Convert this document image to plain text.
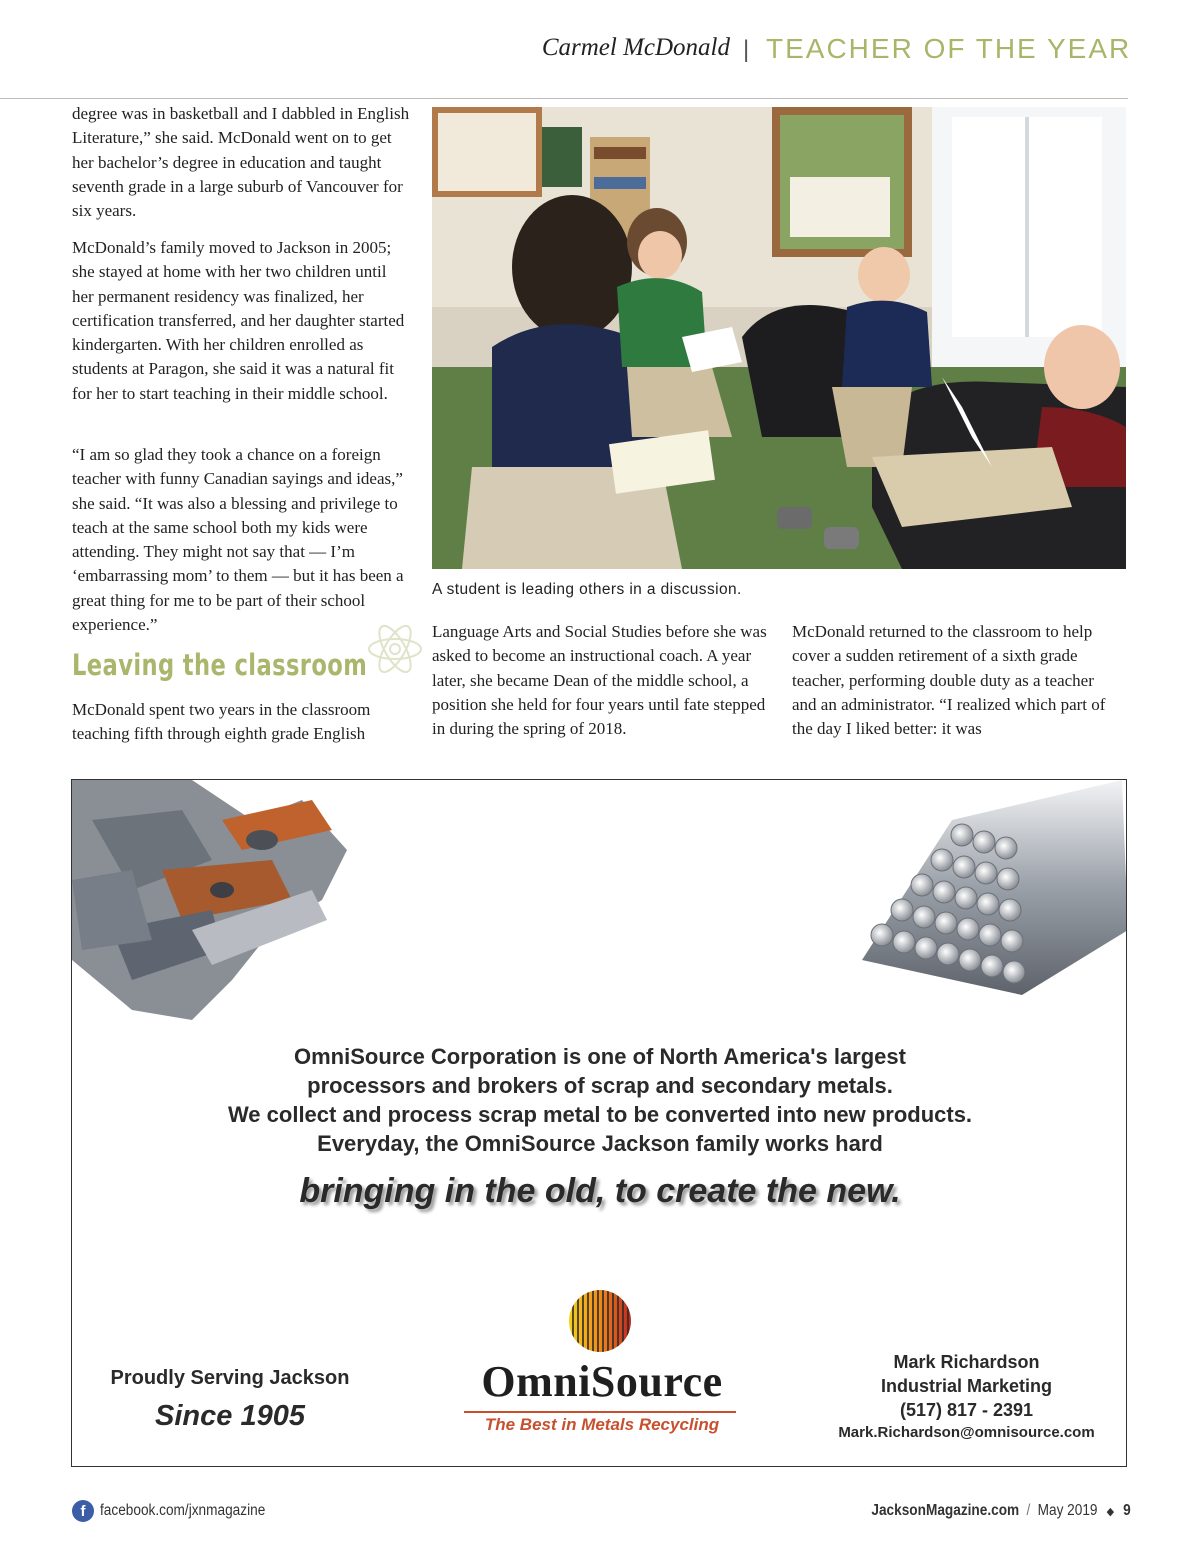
Carmel McDonald | TEACHER OF THE YEAR

degree was in basketball and I dabbled in English Literature,” she said. McDonald went on to get her bachelor’s degree in education and taught seventh grade in a large suburb of Vancouver for six years.

McDonald’s family moved to Jackson in 2005; she stayed at home with her two children until her permanent residency was finalized, her certification transferred, and her daughter started kindergarten. With her children enrolled as students at Paragon, she said it was a natural fit for her to start teaching in their middle school.

“I am so glad they took a chance on a foreign teacher with funny Canadian sayings and ideas,” she said. “It was also a blessing and privilege to teach at the same school both my kids were attending. They might not say that — I’m ‘embarrassing mom’ to them — but it has been a great thing for me to be part of their school experience.”

Leaving the classroom

McDonald spent two years in the classroom teaching fifth through eighth grade English

A student is leading others in a discussion.

Language Arts and Social Studies before she was asked to become an instructional coach. A year later, she became Dean of the middle school, a position she held for four years until fate stepped in during the spring of 2018.

McDonald returned to the classroom to help cover a sudden retirement of a sixth grade teacher, performing double duty as a teacher and an administrator. “I realized which part of the day I liked better: it was

OmniSource Corporation is one of North America's largest
processors and brokers of scrap and secondary metals.
We collect and process scrap metal to be converted into new products.
Everyday, the OmniSource Jackson family works hard
bringing in the old, to create the new.
Proudly Serving Jackson
Since 1905
OmniSource
The Best in Metals Recycling
Mark Richardson
Industrial Marketing
(517) 817 - 2391
Mark.Richardson@omnisource.com
f facebook.com/jxnmagazine	JacksonMagazine.com / May 2019 ◆ 9
